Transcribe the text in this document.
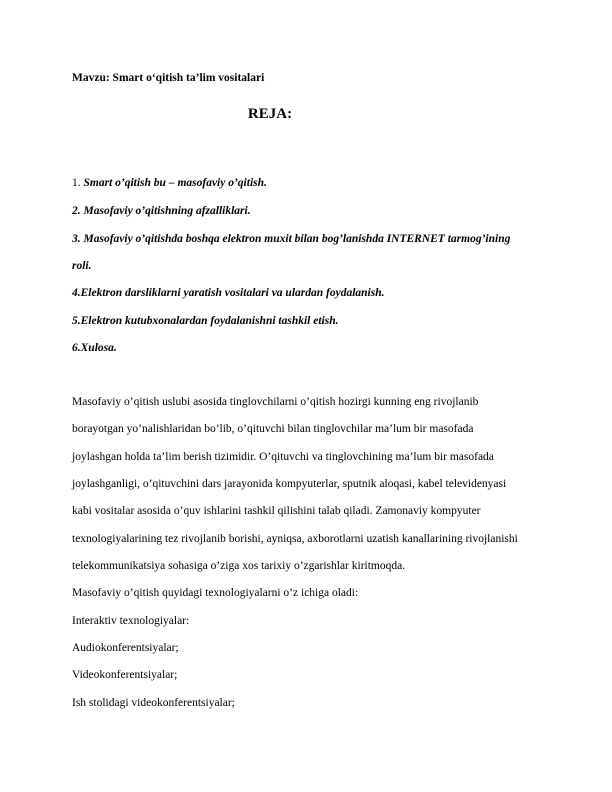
Mavzu: Smart o‘qitish ta’lim vositalari
REJA:
1. Smart o’qitish bu – masofaviy o’qitish.
2. Masofaviy o’qitishning afzalliklari.
3. Masofaviy o’qitishda boshqa elektron muxit bilan bog’lanishda INTERNET tarmog’ining
roli.
4.Elektron darsliklarni yaratish vositalari va ulardan foydalanish.
5.Elektron kutubxonalardan foydalanishni tashkil etish.
6.Xulosa.
Masofaviy o’qitish uslubi asosida tinglovchilarni o’qitish hozirgi kunning eng rivojlanib
borayotgan yo’nalishlaridan bo’lib, o’qituvchi bilan tinglovchilar ma’lum bir masofada
joylashgan holda ta’lim berish tizimidir. O’qituvchi va tinglovchining ma’lum bir masofada
joylashganligi, o’qituvchini dars jarayonida kompyuterlar, sputnik aloqasi, kabel televidenyasi
kabi vositalar asosida o’quv ishlarini tashkil qilishini talab qiladi. Zamonaviy kompyuter
texnologiyalarining tez rivojlanib borishi, ayniqsa, axborotlarni uzatish kanallarining rivojlanishi
telekommunikatsiya sohasiga o’ziga xos tarixiy o’zgarishlar kiritmoqda.
Masofaviy o’qitish quyidagi texnologiyalarni o’z ichiga oladi:
Interaktiv texnologiyalar:
Audiokonferentsiyalar;
Videokonferentsiyalar;
Ish stolidagi videokonferentsiyalar;
